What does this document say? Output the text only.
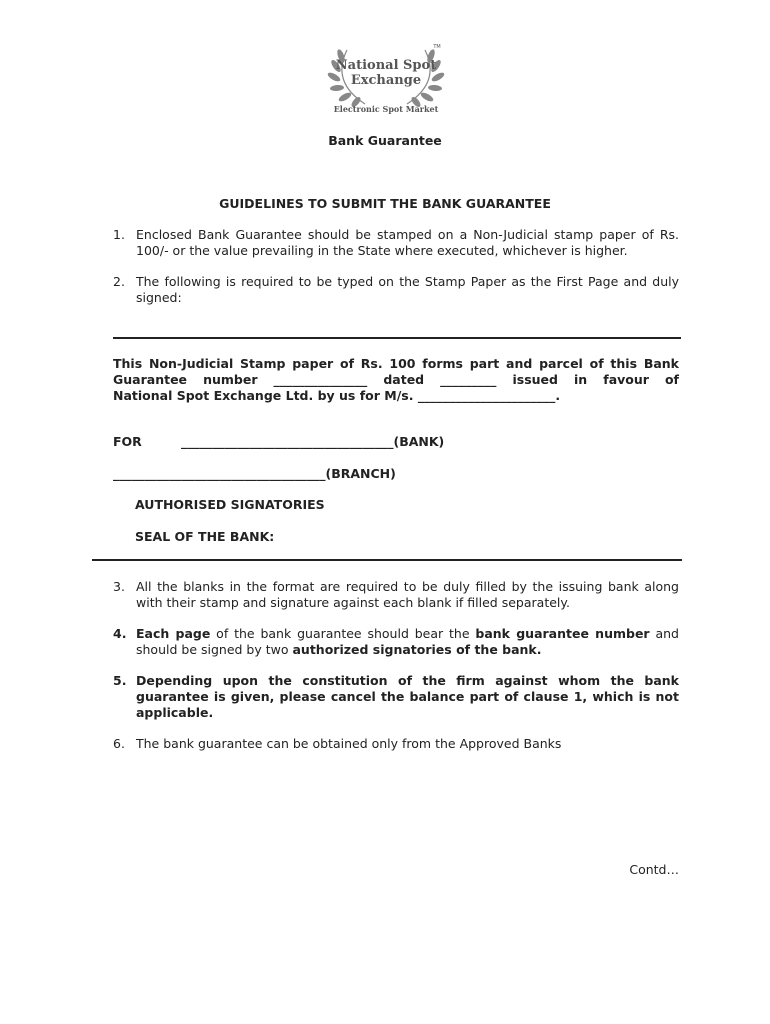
National Spot
Exchange
Electronic Spot Market
TM
Bank Guarantee
GUIDELINES TO SUBMIT THE BANK GUARANTEE
1. Enclosed Bank Guarantee should be stamped on a Non-Judicial stamp paper of Rs. 100/- or the value prevailing in the State where executed, whichever is higher.
2. The following is required to be typed on the Stamp Paper as the First Page and duly signed:
This Non-Judicial Stamp paper of Rs. 100 forms part and parcel of this Bank
Guarantee number _______________ dated _________ issued in favour of
National Spot Exchange Ltd. by us for M/s. ______________________.
FOR	__________________________________(BANK)
__________________________________(BRANCH)
AUTHORISED SIGNATORIES
SEAL OF THE BANK:
3. All the blanks in the format are required to be duly filled by the issuing bank along with their stamp and signature against each blank if filled separately.
4. Each page of the bank guarantee should bear the bank guarantee number and should be signed by two authorized signatories of the bank.
5. Depending upon the constitution of the firm against whom the bank guarantee is given, please cancel the balance part of clause 1, which is not applicable.
6. The bank guarantee can be obtained only from the Approved Banks
Contd…
